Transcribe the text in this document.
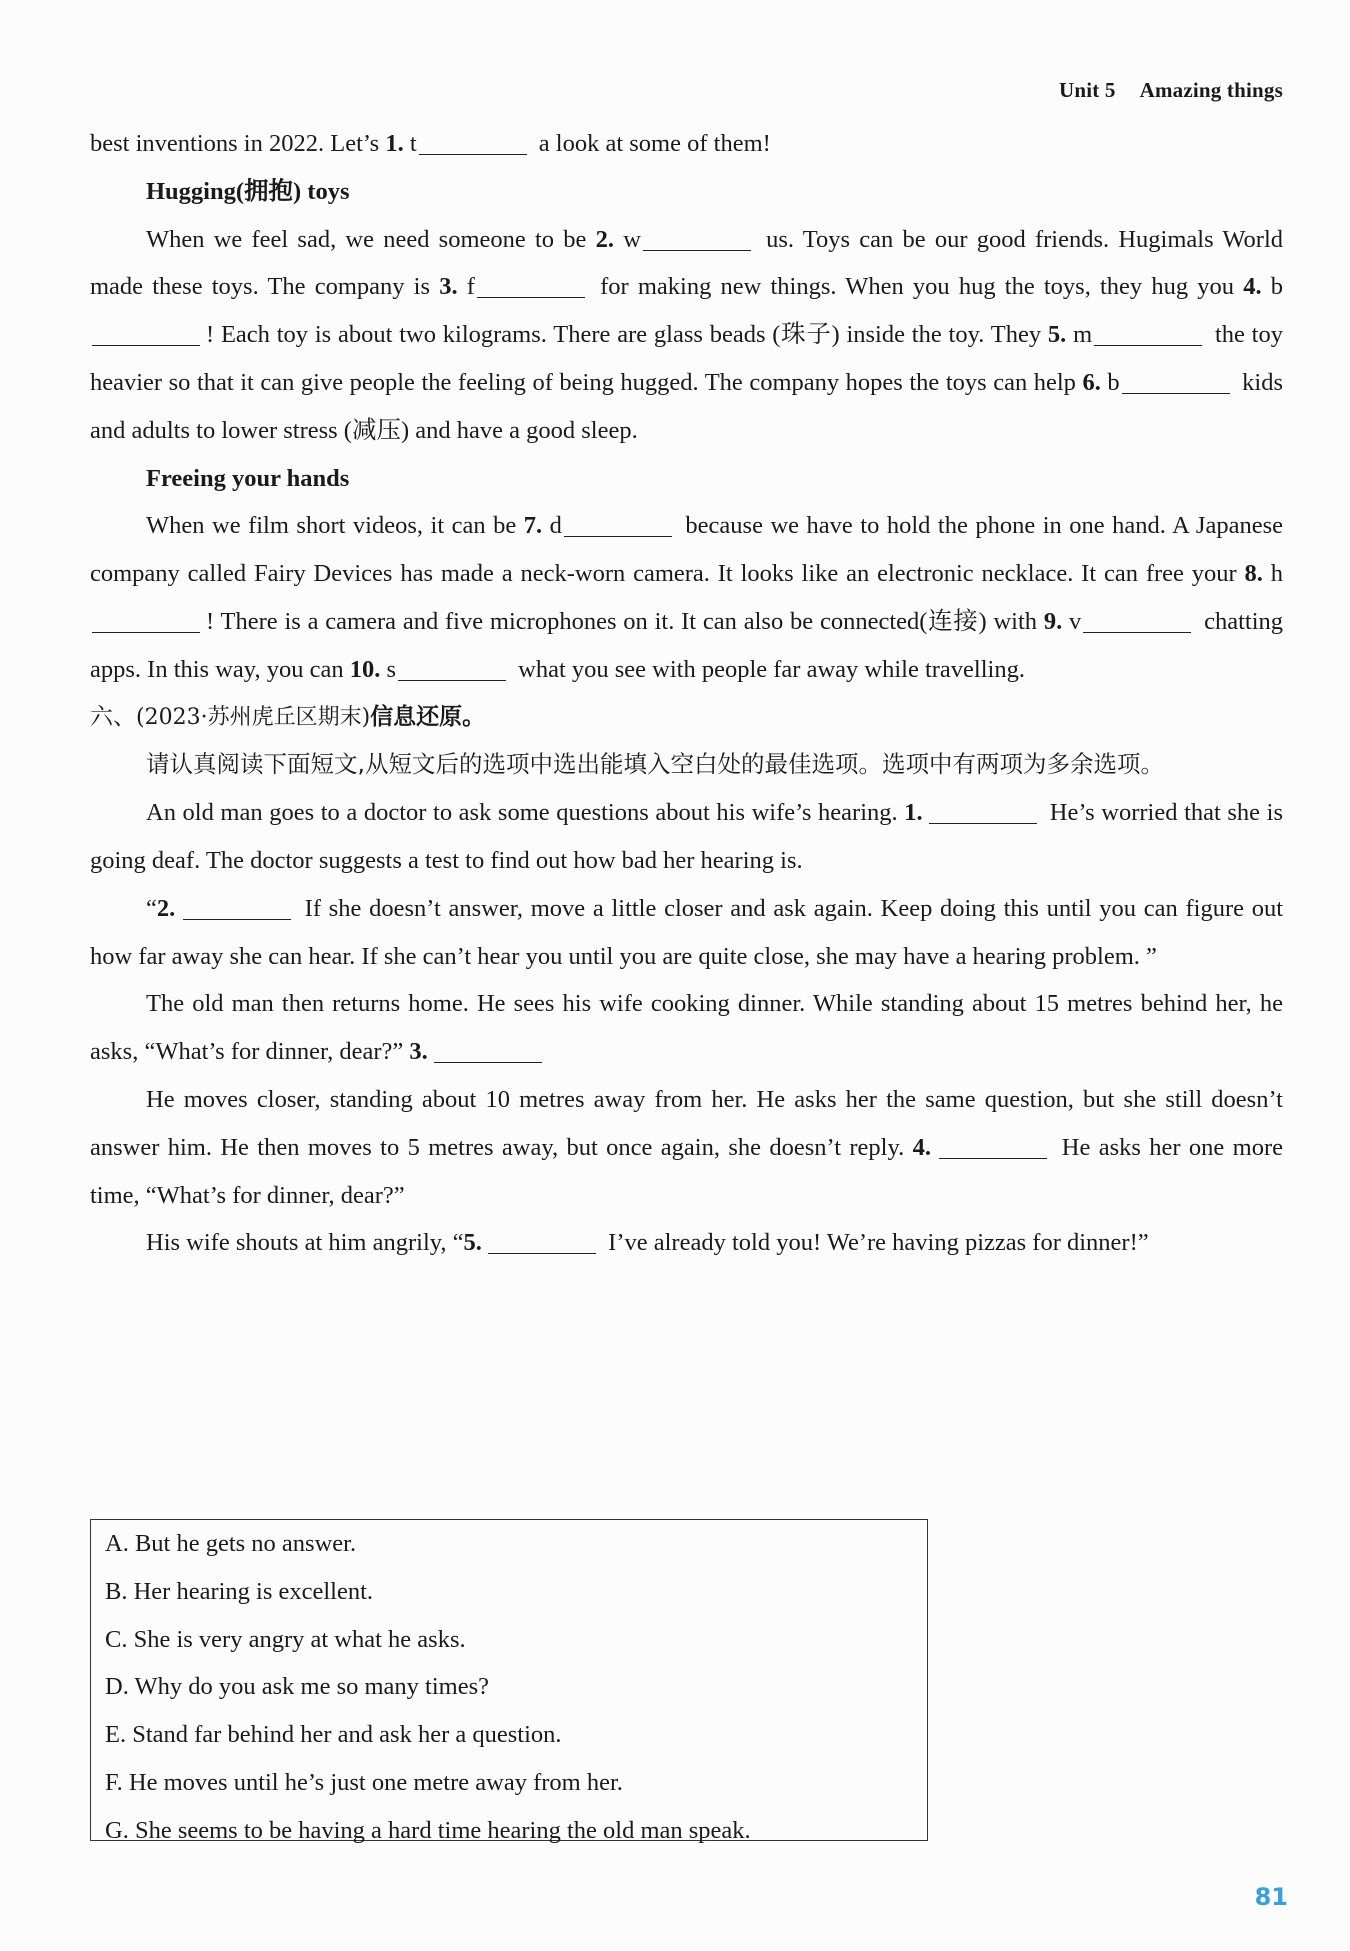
Unit 5 Amazing things

best inventions in 2022. Let’s 1. t	a look at some of them!

Hugging(拥抱) toys

When we feel sad, we need someone to be 2. w	us. Toys can be our good friends. Hugimals World made these toys. The company is 3. f	for making new things. When you hug the toys, they hug you 4. b! Each toy is about two kilograms. There are glass beads (珠子) inside the toy. They 5. m	the toy heavier so that it can give people the feeling of being hugged. The company hopes the toys can help 6. b	kids and adults to lower stress (减压) and have a good sleep.

Freeing your hands

When we film short videos, it can be 7. d	because we have to hold the phone in one hand. A Japanese company called Fairy Devices has made a neck-worn camera. It looks like an electronic necklace. It can free your 8. h! There is a camera and five microphones on it. It can also be connected(连接) with 9. v	chatting apps. In this way, you can 10. s	what you see with people far away while travelling.

六、(2023·苏州虎丘区期末)信息还原。

请认真阅读下面短文,从短文后的选项中选出能填入空白处的最佳选项。选项中有两项为多余选项。

An old man goes to a doctor to ask some questions about his wife’s hearing. 1.	He’s worried that she is going deaf. The doctor suggests a test to find out how bad her hearing is.

“2.	If she doesn’t answer, move a little closer and ask again. Keep doing this until you can figure out how far away she can hear. If she can’t hear you until you are quite close, she may have a hearing problem. ”

The old man then returns home. He sees his wife cooking dinner. While standing about 15 metres behind her, he asks, “What’s for dinner, dear?” 3.

He moves closer, standing about 10 metres away from her. He asks her the same question, but she still doesn’t answer him. He then moves to 5 metres away, but once again, she doesn’t reply. 4.	He asks her one more time, “What’s for dinner, dear?”

His wife shouts at him angrily, “5.	I’ve already told you! We’re having pizzas for dinner!”

A. But he gets no answer.
B. Her hearing is excellent.
C. She is very angry at what he asks.
D. Why do you ask me so many times?
E. Stand far behind her and ask her a question.
F. He moves until he’s just one metre away from her.
G. She seems to be having a hard time hearing the old man speak.
81
